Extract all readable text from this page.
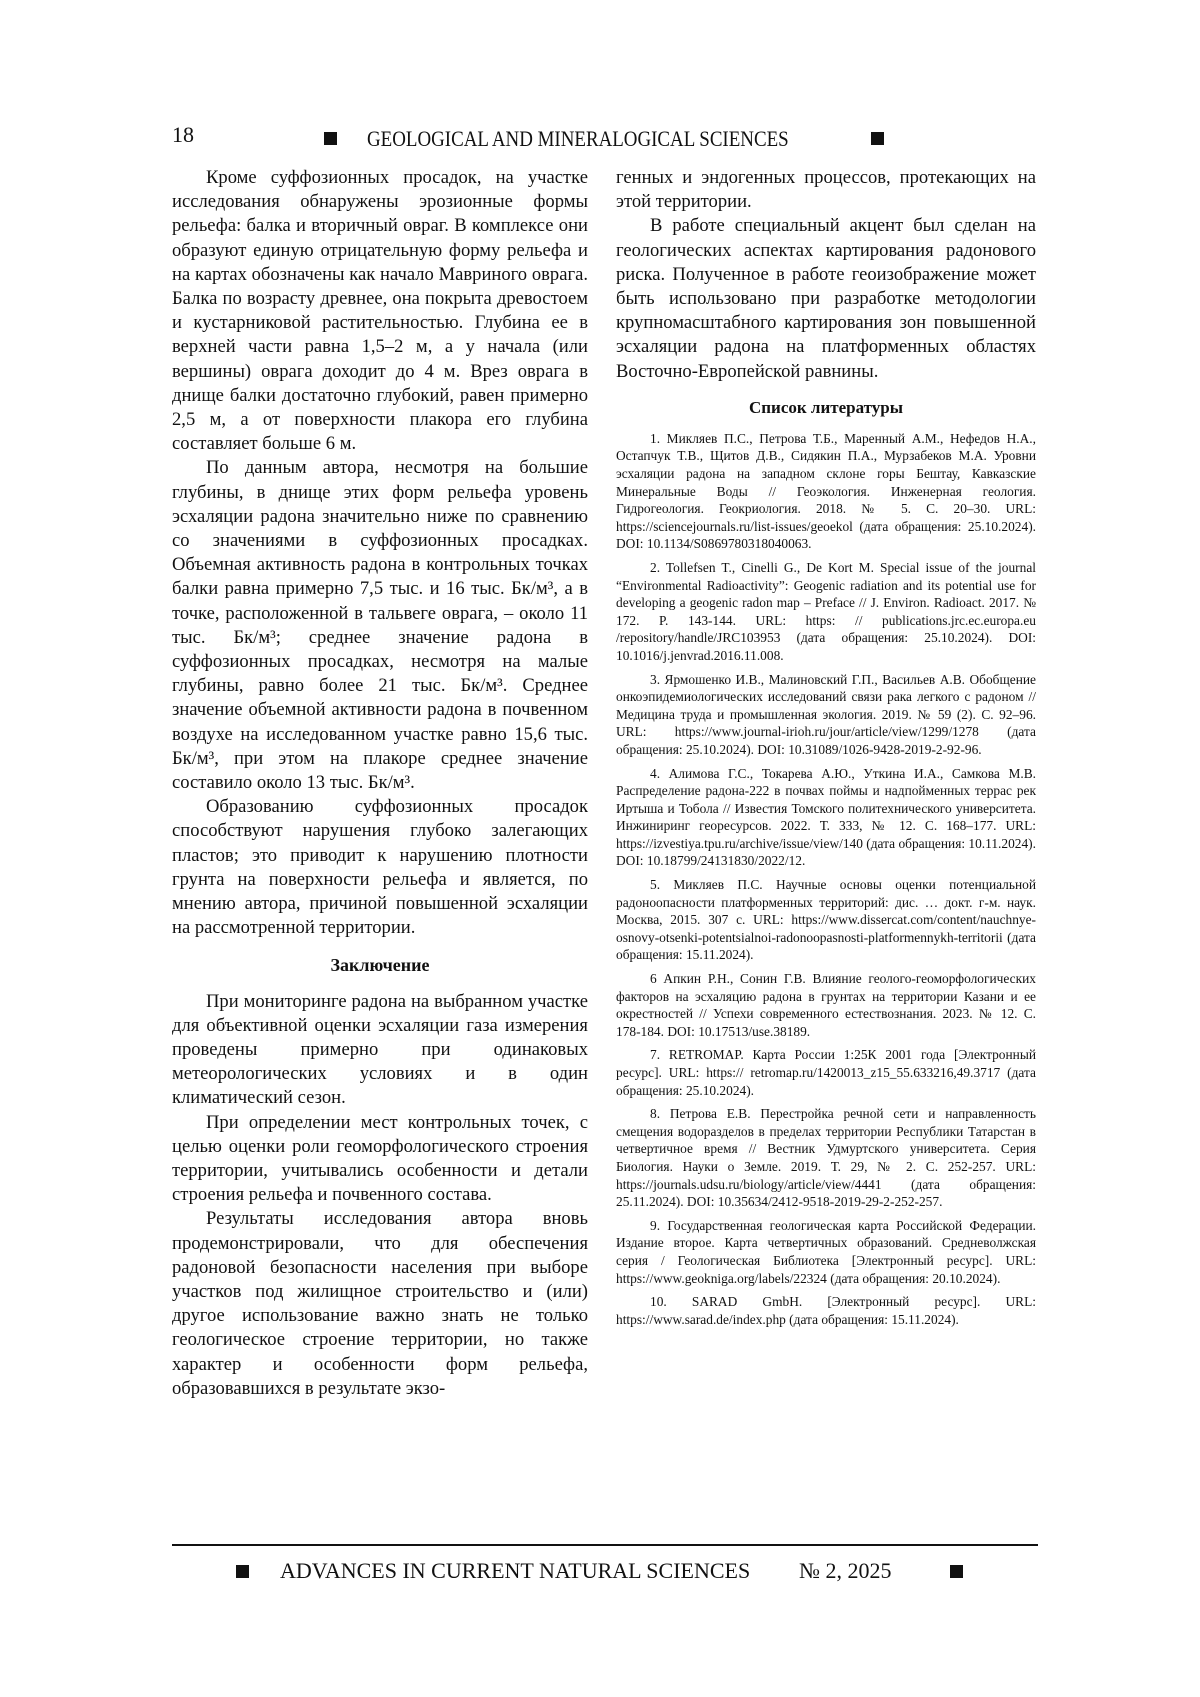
18	GEOLOGICAL AND MINERALOGICAL SCIENCES

Кроме суффозионных просадок, на участке исследования обнаружены эрозионные формы рельефа: балка и вторичный овраг. В комплексе они образуют единую отрицательную форму рельефа и на картах обозначены как начало Мавриного оврага. Балка по возрасту древнее, она покрыта древостоем и кустарниковой растительностью. Глубина ее в верхней части равна 1,5–2 м, а у начала (или вершины) оврага доходит до 4 м. Врез оврага в днище балки достаточно глубокий, равен примерно 2,5 м, а от поверхности плакора его глубина составляет больше 6 м.

По данным автора, несмотря на большие глубины, в днище этих форм рельефа уровень эсхаляции радона значительно ниже по сравнению со значениями в суффозионных просадках. Объемная активность радона в контрольных точках балки равна примерно 7,5 тыс. и 16 тыс. Бк/м³, а в точке, расположенной в тальвеге оврага, – около 11 тыс. Бк/м³; среднее значение радона в суффозионных просадках, несмотря на малые глубины, равно более 21 тыс. Бк/м³. Среднее значение объемной активности радона в почвенном воздухе на исследованном участке равно 15,6 тыс. Бк/м³, при этом на плакоре среднее значение составило около 13 тыс. Бк/м³.

Образованию суффозионных просадок способствуют нарушения глубоко залегающих пластов; это приводит к нарушению плотности грунта на поверхности рельефа и является, по мнению автора, причиной повышенной эсхаляции на рассмотренной территории.

Заключение

При мониторинге радона на выбранном участке для объективной оценки эсхаляции газа измерения проведены примерно при одинаковых метеорологических условиях и в один климатический сезон.

При определении мест контрольных точек, с целью оценки роли геоморфологического строения территории, учитывались особенности и детали строения рельефа и почвенного состава.

Результаты исследования автора вновь продемонстрировали, что для обеспечения радоновой безопасности населения при выборе участков под жилищное строительство и (или) другое использование важно знать не только геологическое строение территории, но также характер и особенности форм рельефа, образовавшихся в результате экзо-

генных и эндогенных процессов, протекающих на этой территории.

В работе специальный акцент был сделан на геологических аспектах картирования радонового риска. Полученное в работе геоизображение может быть использовано при разработке методологии крупномасштабного картирования зон повышенной эсхаляции радона на платформенных областях Восточно-Европейской равнины.

Список литературы

1. Микляев П.С., Петрова Т.Б., Маренный А.М., Нефедов Н.А., Остапчук Т.В., Щитов Д.В., Сидякин П.А., Мурзабеков М.А. Уровни эсхаляции радона на западном склоне горы Бештау, Кавказские Минеральные Воды // Геоэкология. Инженерная геология. Гидрогеология. Геокриология. 2018. № 5. С. 20–30. URL: https://sciencejournals.ru/list-issues/geoekol (дата обращения: 25.10.2024). DOI: 10.1134/S0869780318040063.

2. Tollefsen T., Cinelli G., De Kort M. Special issue of the journal “Environmental Radioactivity”: Geogenic radiation and its potential use for developing a geogenic radon map – Preface // J. Environ. Radioact. 2017. № 172. P. 143-144. URL: https: // publications.jrc.ec.europa.eu /repository/handle/JRC103953 (дата обращения: 25.10.2024). DOI: 10.1016/j.jenvrad.2016.11.008.

3. Ярмошенко И.В., Малиновский Г.П., Васильев А.В. Обобщение онкоэпидемиологических исследований связи рака легкого с радоном // Медицина труда и промышленная экология. 2019. № 59 (2). С. 92–96. URL: https://www.journal-irioh.ru/jour/article/view/1299/1278 (дата обращения: 25.10.2024). DOI: 10.31089/1026-9428-2019-2-92-96.

4. Алимова Г.С., Токарева А.Ю., Уткина И.А., Самкова М.В. Распределение радона-222 в почвах поймы и надпойменных террас рек Иртыша и Тобола // Известия Томского политехнического университета. Инжиниринг георесурсов. 2022. Т. 333, № 12. С. 168–177. URL: https://izvestiya.tpu.ru/archive/issue/view/140 (дата обращения: 10.11.2024). DOI: 10.18799/24131830/2022/12.

5. Микляев П.С. Научные основы оценки потенциальной радоноопасности платформенных территорий: дис. … докт. г-м. наук. Москва, 2015. 307 с. URL: https://www.dissercat.com/content/nauchnye-osnovy-otsenki-potentsialnoi-radonoopasnosti-platformennykh-territorii (дата обращения: 15.11.2024).

6 Апкин Р.Н., Сонин Г.В. Влияние геолого-геоморфологических факторов на эсхаляцию радона в грунтах на территории Казани и ее окрестностей // Успехи современного естествознания. 2023. № 12. С. 178-184. DOI: 10.17513/use.38189.

7. RETROMAP. Карта России 1:25К 2001 года [Электронный ресурс]. URL: https:// retromap.ru/1420013_z15_55.633216,49.3717 (дата обращения: 25.10.2024).

8. Петрова Е.В. Перестройка речной сети и направленность смещения водоразделов в пределах территории Республики Татарстан в четвертичное время // Вестник Удмуртского университета. Серия Биология. Науки о Земле. 2019. Т. 29, № 2. С. 252-257. URL: https://journals.udsu.ru/biology/article/view/4441 (дата обращения: 25.11.2024). DOI: 10.35634/2412-9518-2019-29-2-252-257.

9. Государственная геологическая карта Российской Федерации. Издание второе. Карта четвертичных образований. Средневолжская серия / Геологическая Библиотека [Электронный ресурс]. URL: https://www.geokniga.org/labels/22324 (дата обращения: 20.10.2024).

10. SARAD GmbH. [Электронный ресурс]. URL: https://www.sarad.de/index.php (дата обращения: 15.11.2024).

ADVANCES IN CURRENT NATURAL SCIENCES № 2, 2025
